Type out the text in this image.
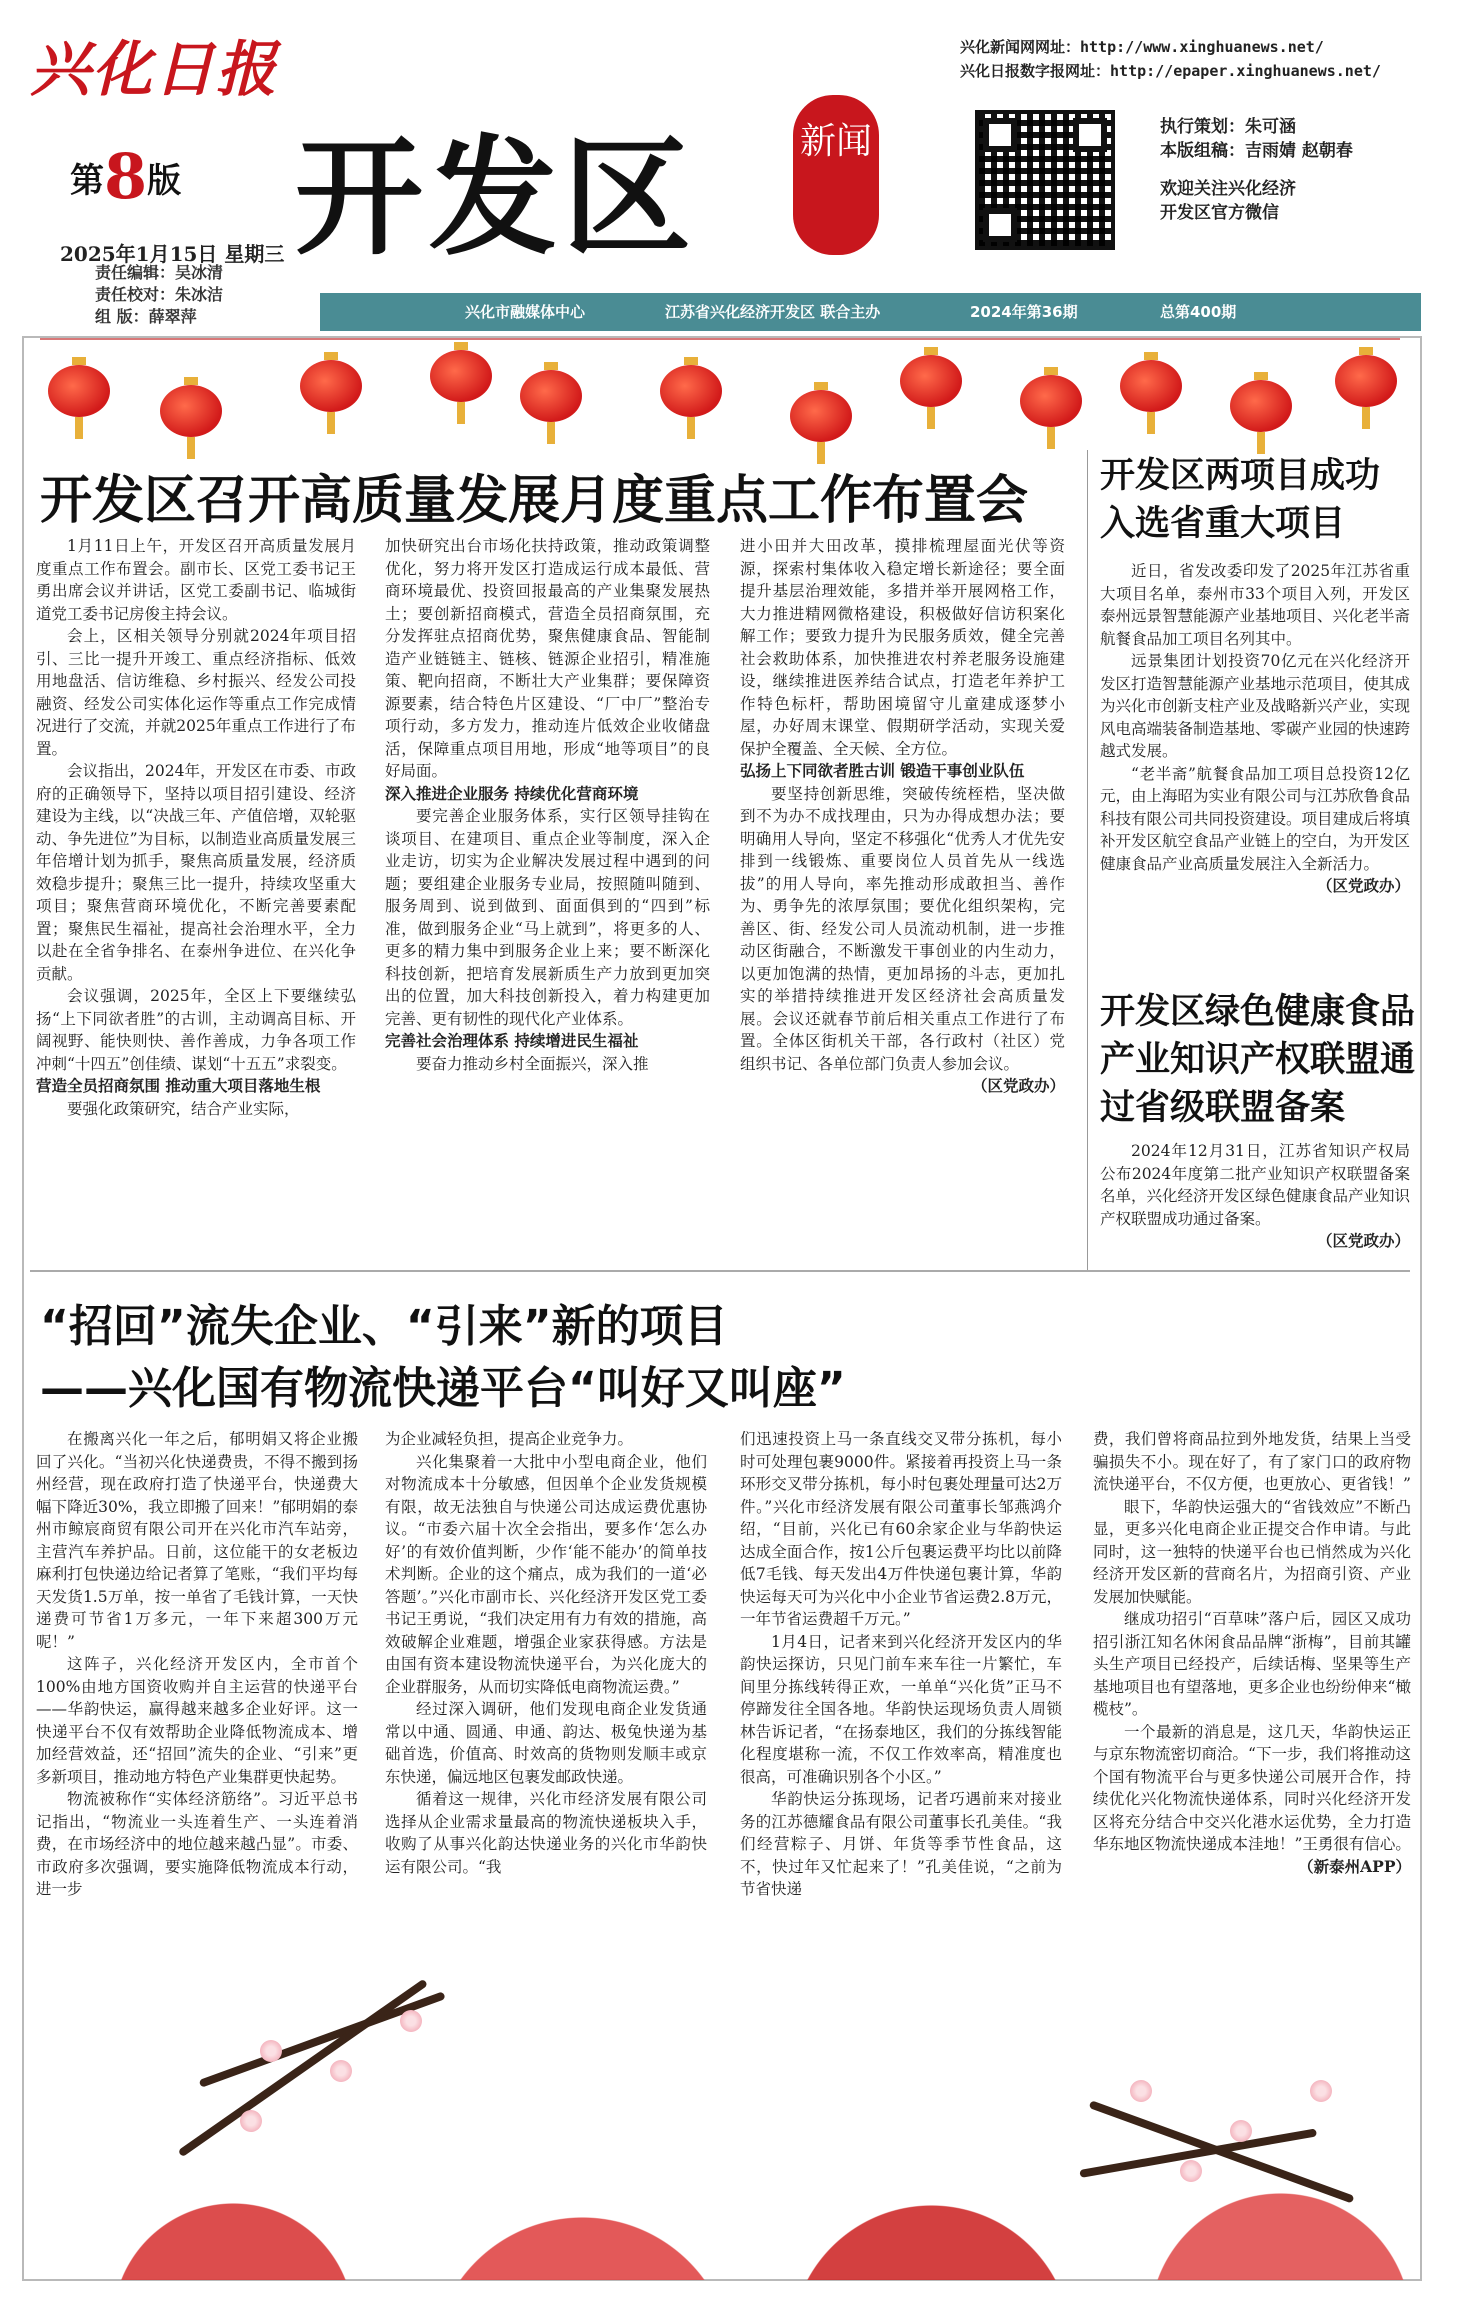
兴化日报
第8版
2025年1月15日 星期三
责任编辑：吴冰清
责任校对：朱冰洁
组 版：薛翠萍
开发区	新闻
兴化新闻网网址：http://www.xinghuanews.net/
兴化日报数字报网址：http://epaper.xinghuanews.net/
执行策划：朱可涵
本版组稿：吉雨婧 赵朝春
欢迎关注兴化经济
开发区官方微信
兴化市融媒体中心	江苏省兴化经济开发区 联合主办	2024年第36期	总第400期
开发区召开高质量发展月度重点工作布置会

1月11日上午，开发区召开高质量发展月度重点工作布置会。副市长、区党工委书记王勇出席会议并讲话，区党工委副书记、临城街道党工委书记房俊主持会议。

会上，区相关领导分别就2024年项目招引、三比一提升开竣工、重点经济指标、低效用地盘活、信访维稳、乡村振兴、经发公司投融资、经发公司实体化运作等重点工作完成情况进行了交流，并就2025年重点工作进行了布置。

会议指出，2024年，开发区在市委、市政府的正确领导下，坚持以项目招引建设、经济建设为主线，以“决战三年、产值倍增，双轮驱动、争先进位”为目标，以制造业高质量发展三年倍增计划为抓手，聚焦高质量发展，经济质效稳步提升；聚焦三比一提升，持续攻坚重大项目；聚焦营商环境优化，不断完善要素配置；聚焦民生福祉，提高社会治理水平，全力以赴在全省争排名、在泰州争进位、在兴化争贡献。

会议强调，2025年，全区上下要继续弘扬“上下同欲者胜”的古训，主动调高目标、开阔视野、能快则快、善作善成，力争各项工作冲刺“十四五”创佳绩、谋划“十五五”求裂变。

营造全员招商氛围 推动重大项目落地生根

要强化政策研究，结合产业实际，

加快研究出台市场化扶持政策，推动政策调整优化，努力将开发区打造成运行成本最低、营商环境最优、投资回报最高的产业集聚发展热土；要创新招商模式，营造全员招商氛围，充分发挥驻点招商优势，聚焦健康食品、智能制造产业链链主、链核、链源企业招引，精准施策、靶向招商，不断壮大产业集群；要保障资源要素，结合特色片区建设、“厂中厂”整治专项行动，多方发力，推动连片低效企业收储盘活，保障重点项目用地，形成“地等项目”的良好局面。

深入推进企业服务 持续优化营商环境

要完善企业服务体系，实行区领导挂钩在谈项目、在建项目、重点企业等制度，深入企业走访，切实为企业解决发展过程中遇到的问题；要组建企业服务专业局，按照随叫随到、服务周到、说到做到、面面俱到的“四到”标准，做到服务企业“马上就到”，将更多的人、更多的精力集中到服务企业上来；要不断深化科技创新，把培育发展新质生产力放到更加突出的位置，加大科技创新投入，着力构建更加完善、更有韧性的现代化产业体系。

完善社会治理体系 持续增进民生福祉

要奋力推动乡村全面振兴，深入推

进小田并大田改革，摸排梳理屋面光伏等资源，探索村集体收入稳定增长新途径；要全面提升基层治理效能，多措并举开展网格工作，大力推进精网微格建设，积极做好信访积案化解工作；要致力提升为民服务质效，健全完善社会救助体系，加快推进农村养老服务设施建设，继续推进医养结合试点，打造老年养护工作特色标杆，帮助困境留守儿童建成逐梦小屋，办好周末课堂、假期研学活动，实现关爱保护全覆盖、全天候、全方位。

弘扬上下同欲者胜古训 锻造干事创业队伍

要坚持创新思维，突破传统桎梏，坚决做到不为办不成找理由，只为办得成想办法；要明确用人导向，坚定不移强化“优秀人才优先安排到一线锻炼、重要岗位人员首先从一线选拔”的用人导向，率先推动形成敢担当、善作为、勇争先的浓厚氛围；要优化组织架构，完善区、街、经发公司人员流动机制，进一步推动区街融合，不断激发干事创业的内生动力，以更加饱满的热情，更加昂扬的斗志，更加扎实的举措持续推进开发区经济社会高质量发展。会议还就春节前后相关重点工作进行了布置。全体区街机关干部，各行政村（社区）党组织书记、各单位部门负责人参加会议。

（区党政办）
开发区两项目成功入选省重大项目

近日，省发改委印发了2025年江苏省重大项目名单，泰州市33个项目入列，开发区泰州远景智慧能源产业基地项目、兴化老半斋航餐食品加工项目名列其中。

远景集团计划投资70亿元在兴化经济开发区打造智慧能源产业基地示范项目，使其成为兴化市创新支柱产业及战略新兴产业，实现风电高端装备制造基地、零碳产业园的快速跨越式发展。

“老半斋”航餐食品加工项目总投资12亿元，由上海昭为实业有限公司与江苏欣鲁食品科技有限公司共同投资建设。项目建成后将填补开发区航空食品产业链上的空白，为开发区健康食品产业高质量发展注入全新活力。

（区党政办）
开发区绿色健康食品产业知识产权联盟通过省级联盟备案

2024年12月31日，江苏省知识产权局公布2024年度第二批产业知识产权联盟备案名单，兴化经济开发区绿色健康食品产业知识产权联盟成功通过备案。

（区党政办）
“招回”流失企业、“引来”新的项目
——兴化国有物流快递平台“叫好又叫座”

在搬离兴化一年之后，郁明娟又将企业搬回了兴化。“当初兴化快递费贵，不得不搬到扬州经营，现在政府打造了快递平台，快递费大幅下降近30%，我立即搬了回来！”郁明娟的泰州市鲸宸商贸有限公司开在兴化市汽车站旁，主营汽车养护品。日前，这位能干的女老板边麻利打包快递边给记者算了笔账，“我们平均每天发货1.5万单，按一单省了毛钱计算，一天快递费可节省1万多元，一年下来超300万元呢！”

这阵子，兴化经济开发区内，全市首个100%由地方国资收购并自主运营的快递平台——华韵快运，赢得越来越多企业好评。这一快递平台不仅有效帮助企业降低物流成本、增加经营效益，还“招回”流失的企业、“引来”更多新项目，推动地方特色产业集群更快起势。

物流被称作“实体经济筋络”。习近平总书记指出，“物流业一头连着生产、一头连着消费，在市场经济中的地位越来越凸显”。市委、市政府多次强调，要实施降低物流成本行动，进一步

为企业减轻负担，提高企业竞争力。

兴化集聚着一大批中小型电商企业，他们对物流成本十分敏感，但因单个企业发货规模有限，故无法独自与快递公司达成运费优惠协议。“市委六届十次全会指出，要多作‘怎么办好’的有效价值判断，少作‘能不能办’的简单技术判断。企业的这个痛点，成为我们的一道‘必答题’。”兴化市副市长、兴化经济开发区党工委书记王勇说，“我们决定用有力有效的措施，高效破解企业难题，增强企业家获得感。方法是由国有资本建设物流快递平台，为兴化庞大的企业群服务，从而切实降低电商物流运费。”

经过深入调研，他们发现电商企业发货通常以中通、圆通、申通、韵达、极兔快递为基础首选，价值高、时效高的货物则发顺丰或京东快递，偏远地区包裹发邮政快递。

循着这一规律，兴化市经济发展有限公司选择从企业需求量最高的物流快递板块入手，收购了从事兴化韵达快递业务的兴化市华韵快运有限公司。“我

们迅速投资上马一条直线交叉带分拣机，每小时可处理包裹9000件。紧接着再投资上马一条环形交叉带分拣机，每小时包裹处理量可达2万件。”兴化市经济发展有限公司董事长邹燕鸿介绍，“目前，兴化已有60余家企业与华韵快运达成全面合作，按1公斤包裹运费平均比以前降低7毛钱、每天发出4万件快递包裹计算，华韵快运每天可为兴化中小企业节省运费2.8万元，一年节省运费超千万元。”

1月4日，记者来到兴化经济开发区内的华韵快运探访，只见门前车来车往一片繁忙，车间里分拣线转得正欢，一单单“兴化货”正马不停蹄发往全国各地。华韵快运现场负责人周锁林告诉记者，“在扬泰地区，我们的分拣线智能化程度堪称一流，不仅工作效率高，精准度也很高，可准确识别各个小区。”

华韵快运分拣现场，记者巧遇前来对接业务的江苏德耀食品有限公司董事长孔美佳。“我们经营粽子、月饼、年货等季节性食品，这不，快过年又忙起来了！”孔美佳说，“之前为节省快递

费，我们曾将商品拉到外地发货，结果上当受骗损失不小。现在好了，有了家门口的政府物流快递平台，不仅方便，也更放心、更省钱！”

眼下，华韵快运强大的“省钱效应”不断凸显，更多兴化电商企业正提交合作申请。与此同时，这一独特的快递平台也已悄然成为兴化经济开发区新的营商名片，为招商引资、产业发展加快赋能。

继成功招引“百草味”落户后，园区又成功招引浙江知名休闲食品品牌“浙梅”，目前其罐头生产项目已经投产，后续话梅、坚果等生产基地项目也有望落地，更多企业也纷纷伸来“橄榄枝”。

一个最新的消息是，这几天，华韵快运正与京东物流密切商洽。“下一步，我们将推动这个国有物流平台与更多快递公司展开合作，持续优化兴化物流快递体系，同时兴化经济开发区将充分结合中交兴化港水运优势，全力打造华东地区物流快递成本洼地！”王勇很有信心。

（新泰州APP）
